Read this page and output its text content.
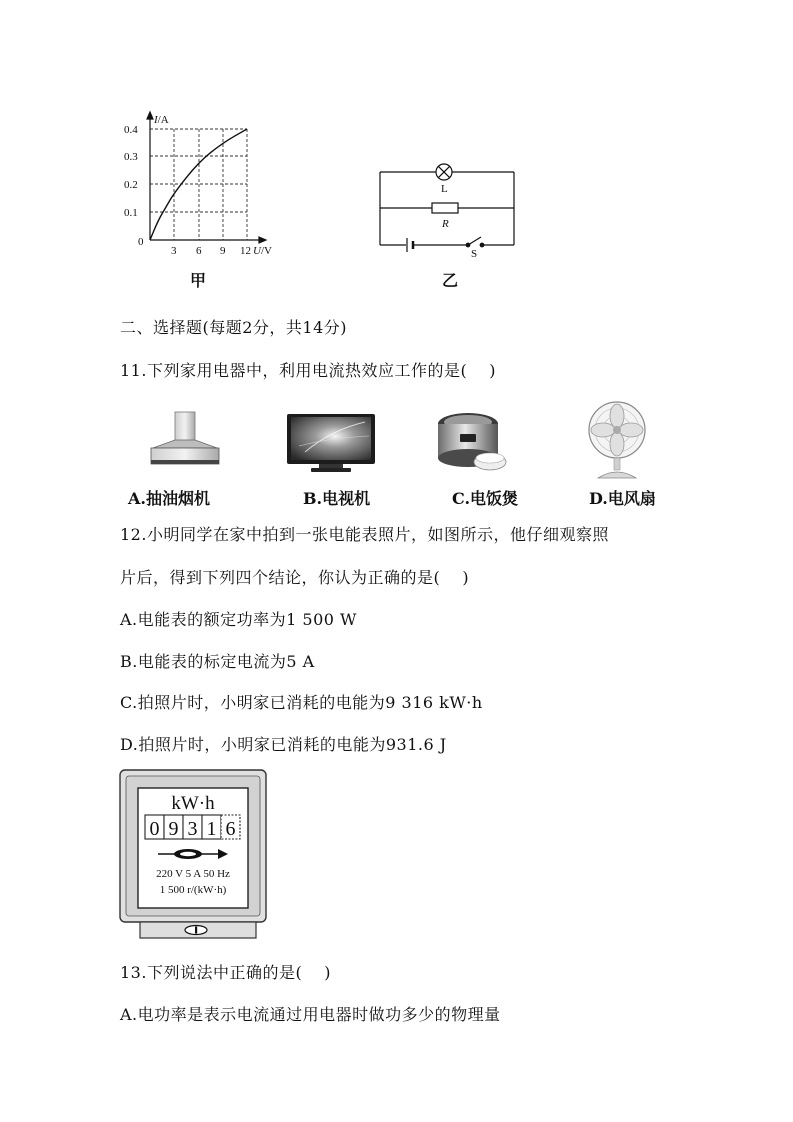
I/A
0.4
0.3
0.2
0.1
0
3 6 9 12 U/V
甲
L
R
S
乙
二、选择题(每题2分，共14分)
11.下列家用电器中，利用电流热效应工作的是(　 )
A.抽油烟机	B.电视机	C.电饭煲	D.电风扇
12.小明同学在家中拍到一张电能表照片，如图所示，他仔细观察照
片后，得到下列四个结论，你认为正确的是(　 )
A.电能表的额定功率为1 500 W
B.电能表的标定电流为5 A
C.拍照片时，小明家已消耗的电能为9 316 kW·h
D.拍照片时，小明家已消耗的电能为931.6 J
kW·h
0 9 3 1 6
220 V 5 A 50 Hz
1 500 r/(kW·h)
13.下列说法中正确的是(　 )
A.电功率是表示电流通过用电器时做功多少的物理量
